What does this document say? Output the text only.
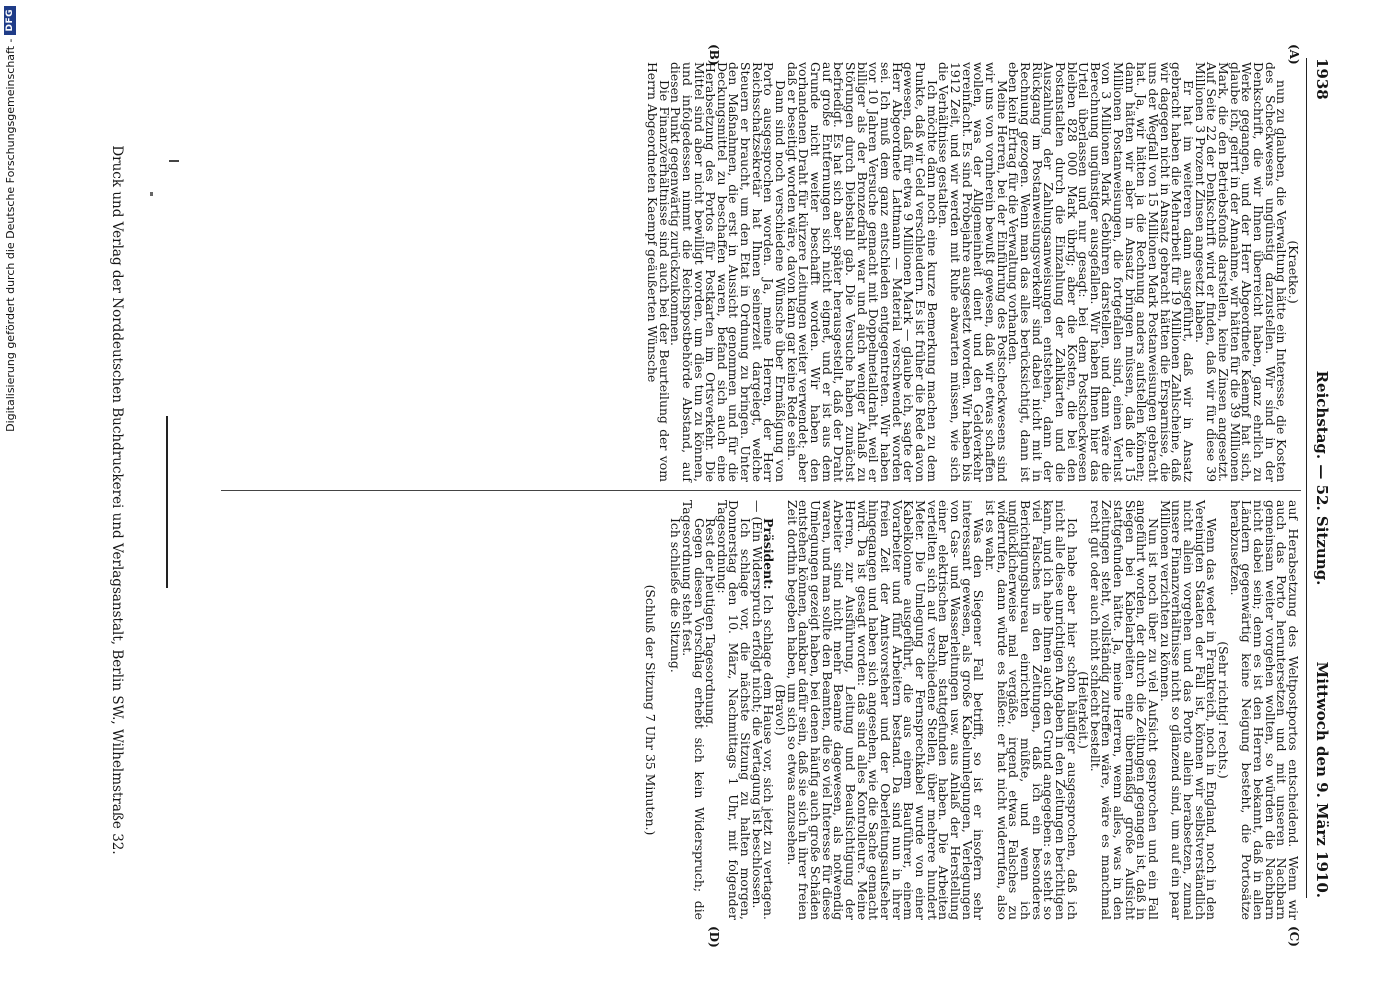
1938
Reichstag. — 52. Sitzung.
Mittwoch den 9. März 1910.
(A)
(B)
(C)
(D)

(Kraetke.)

nun zu glauben, die Verwaltung hätte ein Interesse, die Kosten des Scheckwesens ungünstig darzustellen. Wir sind in der Denkschrift, die wir Ihnen überreicht haben, ganz ehrlich zu Werke gegangen, und der Herr Abgeordnete Kaempf hat sich, glaube ich, geirrt in der Annahme, wir hätten für die 39 Millionen Mark, die den Betriebsfonds darstellen, keine Zinsen angesetzt. Auf Seite 22 der Denkschrift wird er finden, daß wir für diese 39 Millionen 3 Prozent Zinsen angesetzt haben.

Er hat im weiteren dann ausgeführt, daß wir in Ansatz gebracht haben die Mehrarbeit für 19 Millionen Zahlscheine, daß wir dagegen nicht in Ansatz gebracht hätten die Ersparnisse, die uns der Wegfall von 15 Millionen Mark Postanweisungen gebracht hat. Ja, wir hätten ja die Rechnung anders aufstellen können; dann hätten wir aber in Ansatz bringen müssen, daß die 15 Millionen Postanweisungen, die fortgefallen sind, einen Verlust von 3 Millionen Mark Gebühren darstellen, und dann wäre die Berechnung ungünstiger ausgefallen. Wir haben Ihnen hier das Urteil überlassen und nur gesagt: bei dem Postscheckwesen bleiben 828 000 Mark übrig; aber die Kosten, die bei den Postanstalten durch die Einzahlung der Zahlkarten und die Auszahlung der Zahlungsanweisungen entstehen, dann der Rückgang im Postanweisungsverkehr sind dabei nicht mit in Rechnung gezogen. Wenn man das alles berücksichtigt, dann ist eben kein Ertrag für die Verwaltung vorhanden.

Meine Herren, bei der Einführung des Postscheckwesens sind wir uns von vornherein bewußt gewesen, daß wir etwas schaffen wollen, was der Allgemeinheit dient und den Geldverkehr vereinfacht. Es sind Probejahre ausgesetzt worden. Wir haben bis 1912 Zeit, und wir werden mit Ruhe abwarten müssen, wie sich die Verhältnisse gestalten.

Ich möchte dann noch eine kurze Bemerkung machen zu dem Punkte, daß wir Geld verschleudern. Es ist früher die Rede davon gewesen, daß für etwa 9 Millionen Mark — glaube ich, sagte der Herr Abgeordnete Lattmann — Material verschwendet worden sei. Ich muß dem ganz entschieden entgegentreten. Wir haben vor 10 Jahren Versuche gemacht mit Doppelmetalldraht, weil er billiger als der Bronzedraht war und auch weniger Anlaß zu Störungen durch Diebstahl gab. Die Versuche haben zunächst befriedigt. Es hat sich aber später herausgestellt, daß der Draht auf große Entfernungen sich nicht eignet, und er ist aus dem Grunde nicht weiter beschafft worden. Wir haben den vorhandenen Draht für kürzere Leitungen weiter verwendet; aber daß er beseitigt worden wäre, davon kann gar keine Rede sein.

Dann sind noch verschiedene Wünsche über Ermäßigung von Porto ausgesprochen worden. Ja, meine Herren, der Herr Reichsschatzsekretär hat Ihnen seinerzeit dargelegt, welche Steuern er braucht, um den Etat in Ordnung zu bringen. Unter den Maßnahmen, die erst in Aussicht genommen und für die Deckungsmittel zu beschaffen waren, befand sich auch eine Herabsetzung des Portos für Postkarten im Ortsverkehr. Die Mittel sind aber nicht bewilligt worden, um dies tun zu können, und infolgedessen nimmt die Reichspostbehörde Abstand, auf diesen Punkt gegenwärtig zurückzukommen.

Die Finanzverhältnisse sind auch bei der Beurteilung der vom Herrn Abgeordneten Kaempf geäußerten Wünsche

auf Herabsetzung des Weltpostportos entscheidend. Wenn wir auch das Porto heruntersetzen und mit unseren Nachbarn gemeinsam weiter vorgehen wollten, so würden die Nachbarn nicht dabei sein; denn es ist den Herren bekannt, daß in allen Ländern gegenwärtig keine Neigung besteht, die Portosätze herabzusetzen.

(Sehr richtig! rechts.)

Wenn das weder in Frankreich, noch in England, noch in den Vereinigten Staaten der Fall ist, können wir selbstverständlich nicht allein vorgehen und das Porto allein herabsetzen, zumal unsere Finanzverhältnisse nicht so glänzend sind, um auf ein paar Millionen verzichten zu können.

Nun ist noch über zu viel Aufsicht gesprochen und ein Fall angeführt worden, der durch die Zeitungen gegangen ist, daß in Siegen bei Kabelarbeiten eine übermäßig große Aufsicht stattgefunden hätte. Ja, meine Herren, wenn alles, was in den Zeitungen steht, vollständig zutreffen wäre, wäre es manchmal recht gut oder auch nicht schlecht bestellt.

(Heiterkeit.)

Ich habe aber hier schon häufiger ausgesprochen, daß ich nicht alle diese unrichtigen Angaben in den Zeitungen berichtigen kann, und ich habe Ihnen auch den Grund angegeben: es steht so viel Falsches in den Zeitungen, daß ich ein besonderes Berichtigungsbureau einrichten müßte, und wenn ich unglücklicherweise mal vergäße, irgend etwas Falsches zu widerrufen, dann würde es heißen: er hat nicht widerrufen, also ist es wahr.

Was den Siegener Fall betrifft, so ist er insofern sehr interessant gewesen, als große Kabelumlegungen, Verlegungen von Gas- und Wasserleitungen usw. aus Anlaß der Herstellung einer elektrischen Bahn stattgefunden haben. Die Arbeiten verteilten sich auf verschiedene Stellen, über mehrere hundert Meter. Die Umlegung der Fernsprechkabel wurde von einer Kabelkolonne ausgeführt, die aus einem Bauführer, einem Vorarbeiter und fünf Arbeitern bestand. Da sind nun in ihrer freien Zeit der Amtsvorsteher und der Oberleitungsaufseher hingegangen und haben sich angesehen, wie die Sache gemacht wird. Da ist gesagt worden: das sind alles Kontrolleure. Meine Herren, zur Ausführung, Leitung und Beaufsichtigung der Arbeiter sind nicht mehr Beamte dagewesen, als notwendig waren, und man sollte den Beamten, die so viel Interesse für diese Umlegungen gezeigt haben, bei denen häufig auch große Schäden entstehen können, dankbar dafür sein, daß sie sich in ihrer freien Zeit dorthin begeben haben, um sich so etwas anzusehen.

(Bravo!)

Präsident: Ich schlage dem Hause vor, sich jetzt zu vertagen. — (Ein Widerspruch erfolgt nicht; die Vertagung ist beschlossen.

Ich schlage vor, die nächste Sitzung zu halten morgen, Donnerstag den 10. März, Nachmittags 1 Uhr, mit folgender Tagesordnung:

Rest der heutigen Tagesordnung.

Gegen diesen Vorschlag erhebt sich kein Widerspruch; die Tagesordnung steht fest.

Ich schließe die Sitzung.

(Schluß der Sitzung 7 Uhr 35 Minuten.)

Druck und Verlag der Norddeutschen Buchdruckerei und Verlagsanstalt, Berlin SW., Wilhelmstraße 32.
Digitalisierung gefördert durch die Deutsche Forschungsgemeinschaft -
DFG
